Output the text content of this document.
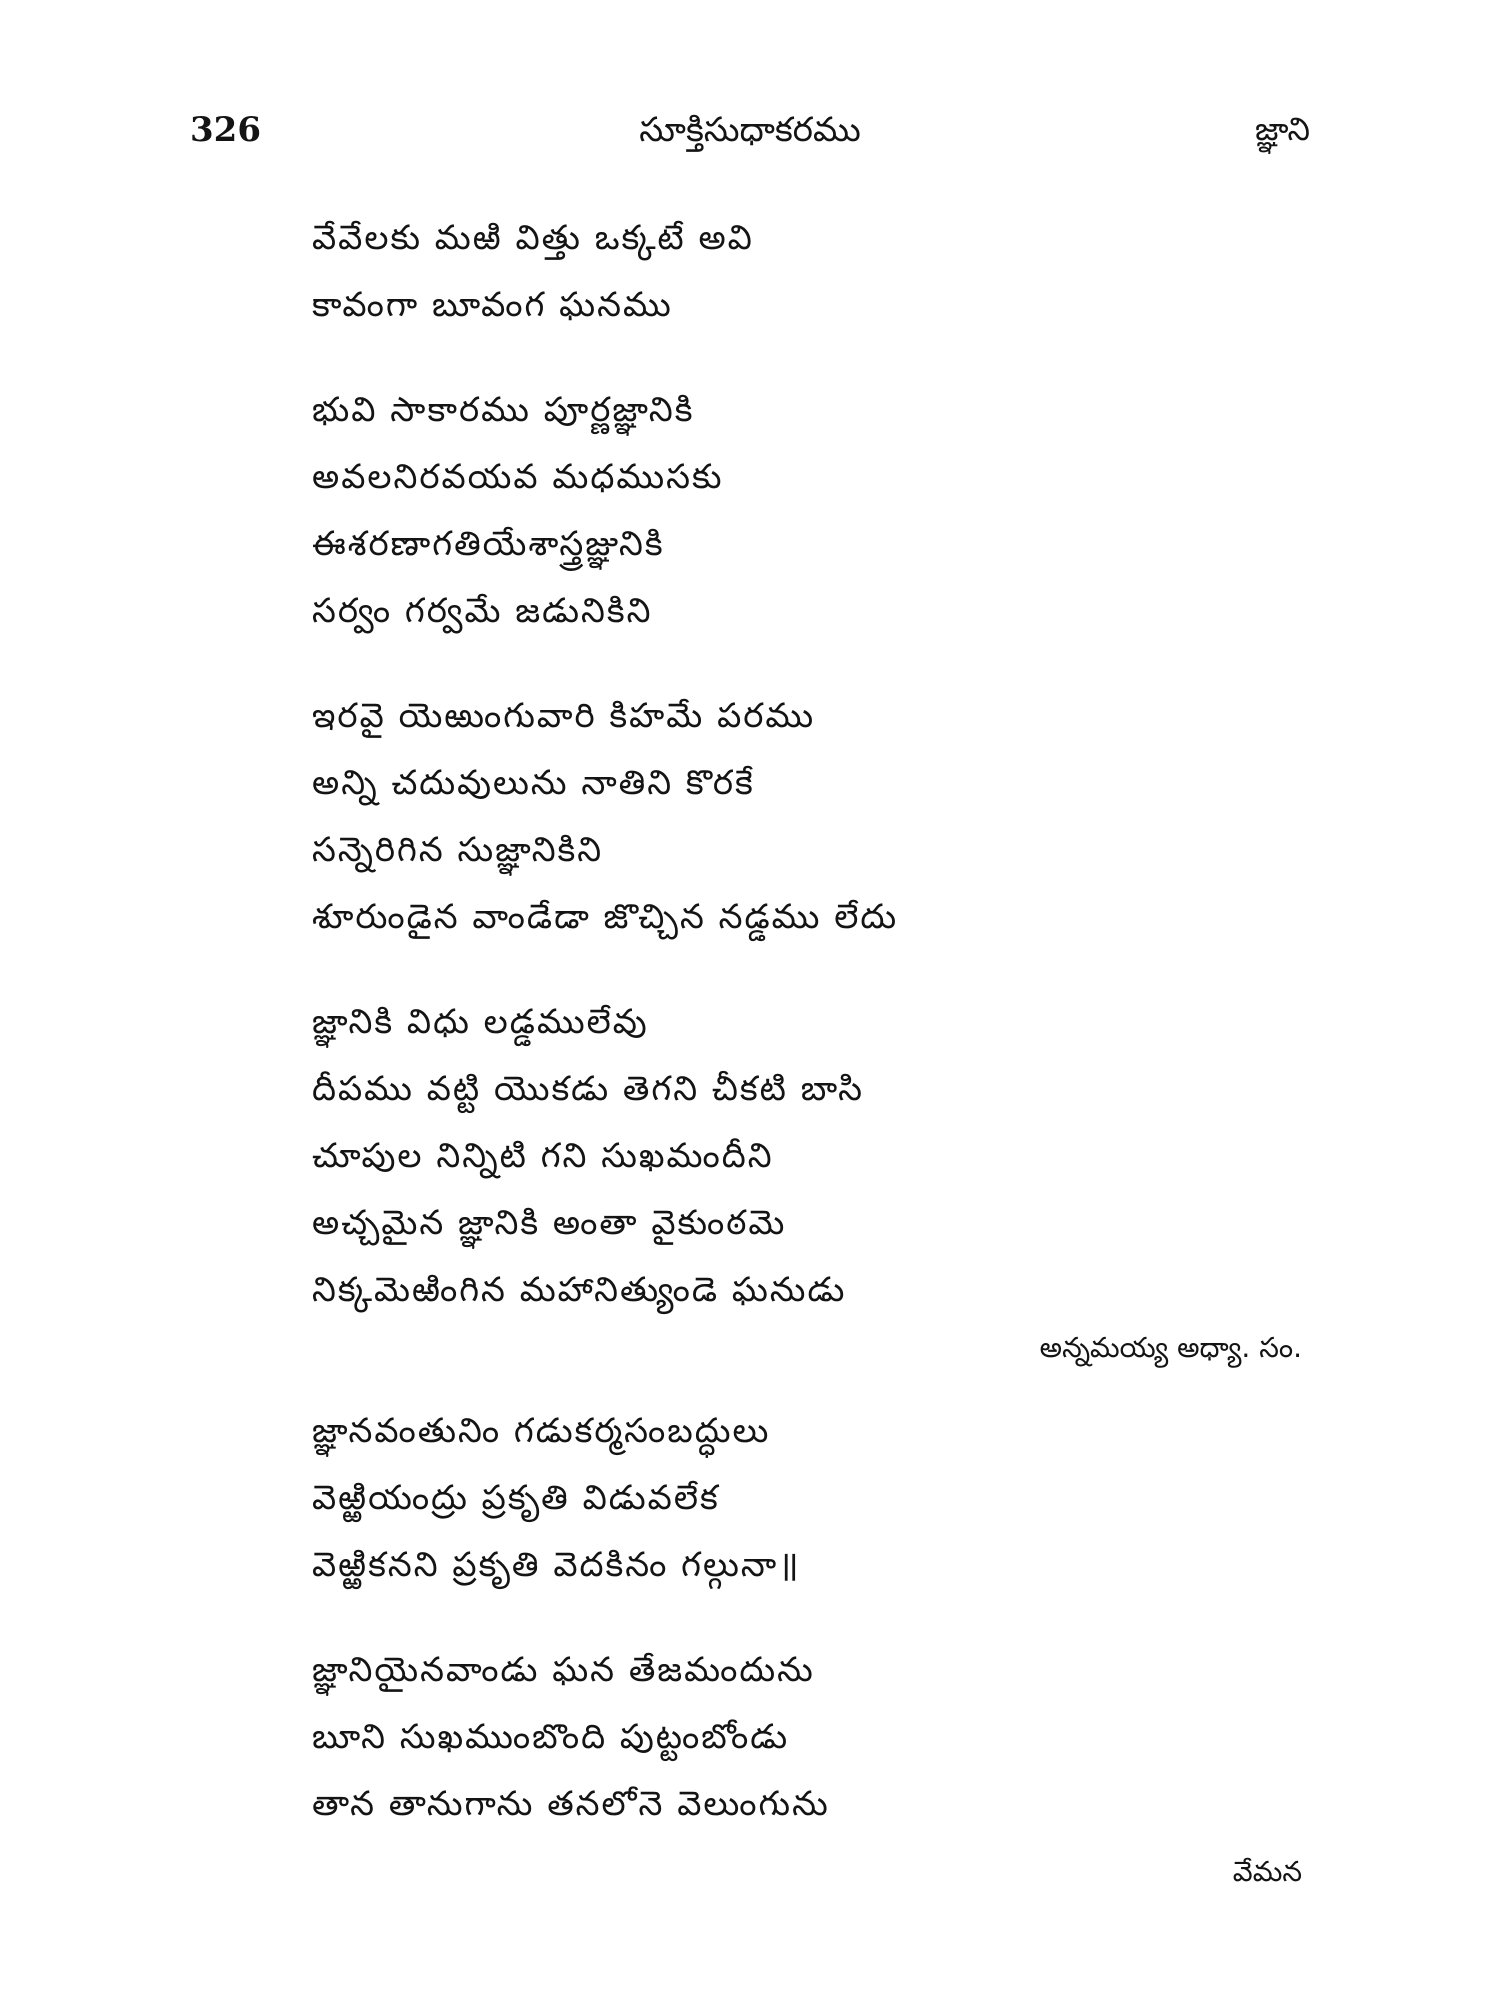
326	సూక్తిసుధాకరము	జ్ఞాని
వేవేలకు మఱి విత్తు ఒక్కటే అవి
కావంగా బూవంగ ఘనము
భువి సాకారము పూర్ణజ్ఞానికి
అవలనిరవయవ మధముసకు
ఈశరణాగతియేశాస్త్రజ్ఞునికి
సర్వం గర్వమే జడునికిని
ఇరవై యెఱుంగువారి కిహమే పరము
అన్ని చదువులును నాతిని కొరకే
సన్నెరిగిన సుజ్ఞానికిని
శూరుండైన వాండేడా జొచ్చిన నడ్డము లేదు
జ్ఞానికి విధు లడ్డములేవు
దీపము వట్టి యొకడు తెగని చీకటి బాసి
చూపుల నిన్నిటి గని సుఖమందీని
అచ్చమైన జ్ఞానికి అంతా వైకుంఠమె
నిక్కమెఱింగిన మహానిత్యుండె ఘనుడు
అన్నమయ్య అధ్యా. సం.
జ్ఞానవంతునిం గడుకర్మసంబద్ధులు
వెఱ్ఱియంద్రు ప్రకృతి విడువలేక
వెఱ్ఱికనని ప్రకృతి వెదకినం గల్గునా॥
జ్ఞానియైనవాండు ఘన తేజమందును
బూని సుఖముంబొంది పుట్టంబోండు
తాన తానుగాను తనలోనె వెలుంగును
వేమన
